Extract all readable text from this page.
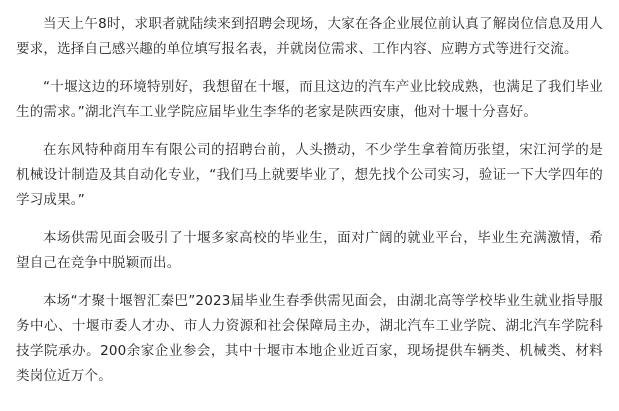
当天上午8时，求职者就陆续来到招聘会现场，大家在各企业展位前认真了解岗位信息及用人要求，选择自己感兴趣的单位填写报名表，并就岗位需求、工作内容、应聘方式等进行交流。

“十堰这边的环境特别好，我想留在十堰，而且这边的汽车产业比较成熟，也满足了我们毕业生的需求。”湖北汽车工业学院应届毕业生李华的老家是陕西安康，他对十堰十分喜好。

在东风特种商用车有限公司的招聘台前，人头攒动，不少学生拿着简历张望，宋江河学的是机械设计制造及其自动化专业，“我们马上就要毕业了，想先找个公司实习，验证一下大学四年的学习成果。”

本场供需见面会吸引了十堰多家高校的毕业生，面对广阔的就业平台，毕业生充满激情，希望自己在竞争中脱颖而出。

本场“才聚十堰智汇秦巴”2023届毕业生春季供需见面会，由湖北高等学校毕业生就业指导服务中心、十堰市委人才办、市人力资源和社会保障局主办，湖北汽车工业学院、湖北汽车学院科技学院承办。200余家企业参会，其中十堰市本地企业近百家，现场提供车辆类、机械类、材料类岗位近万个。
